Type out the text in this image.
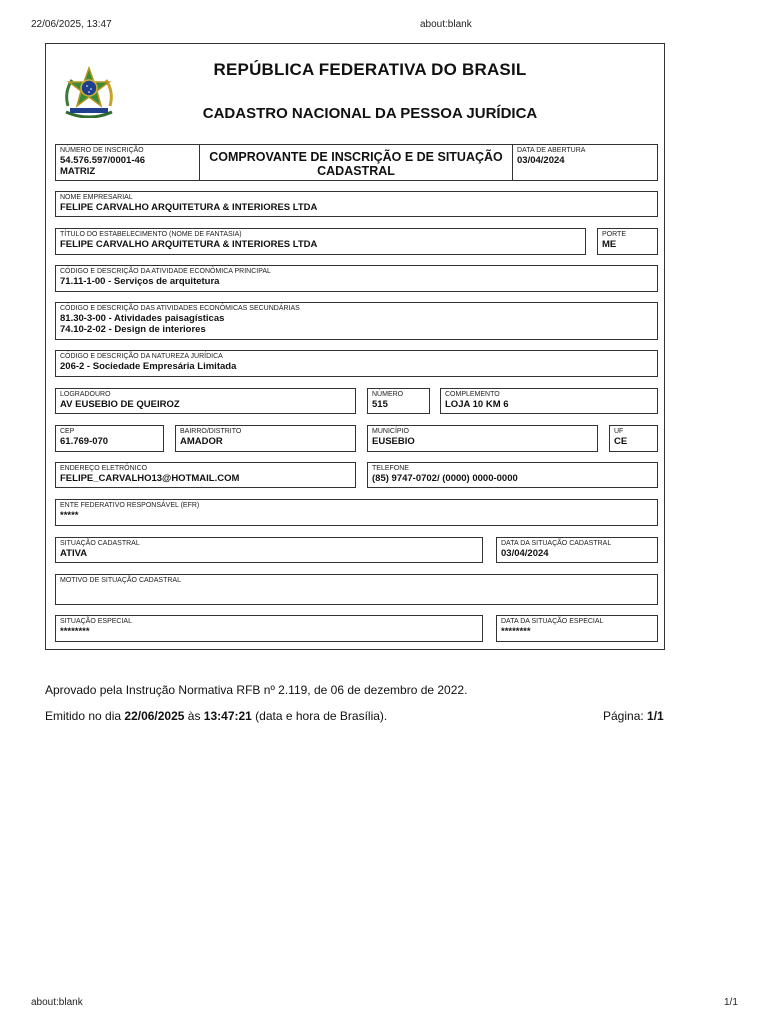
22/06/2025, 13:47	about:blank
REPÚBLICA FEDERATIVA DO BRASIL
CADASTRO NACIONAL DA PESSOA JURÍDICA
NÚMERO DE INSCRIÇÃO
54.576.597/0001-46
MATRIZ
COMPROVANTE DE INSCRIÇÃO E DE SITUAÇÃO
CADASTRAL
DATA DE ABERTURA
03/04/2024
NOME EMPRESARIAL
FELIPE CARVALHO ARQUITETURA & INTERIORES LTDA
TÍTULO DO ESTABELECIMENTO (NOME DE FANTASIA)
FELIPE CARVALHO ARQUITETURA & INTERIORES LTDA
PORTE
ME
CÓDIGO E DESCRIÇÃO DA ATIVIDADE ECONÔMICA PRINCIPAL
71.11-1-00 - Serviços de arquitetura
CÓDIGO E DESCRIÇÃO DAS ATIVIDADES ECONÔMICAS SECUNDÁRIAS
81.30-3-00 - Atividades paisagísticas
74.10-2-02 - Design de interiores
CÓDIGO E DESCRIÇÃO DA NATUREZA JURÍDICA
206-2 - Sociedade Empresária Limitada
LOGRADOURO
AV EUSEBIO DE QUEIROZ
NÚMERO
515
COMPLEMENTO
LOJA 10 KM 6
CEP
61.769-070
BAIRRO/DISTRITO
AMADOR
MUNICÍPIO
EUSEBIO
UF
CE
ENDEREÇO ELETRÔNICO
FELIPE_CARVALHO13@HOTMAIL.COM
TELEFONE
(85) 9747-0702/ (0000) 0000-0000
ENTE FEDERATIVO RESPONSÁVEL (EFR)
*****
SITUAÇÃO CADASTRAL
ATIVA
DATA DA SITUAÇÃO CADASTRAL
03/04/2024
MOTIVO DE SITUAÇÃO CADASTRAL
SITUAÇÃO ESPECIAL
********
DATA DA SITUAÇÃO ESPECIAL
********
Aprovado pela Instrução Normativa RFB nº 2.119, de 06 de dezembro de 2022.
Emitido no dia 22/06/2025 às 13:47:21 (data e hora de Brasília).	Página: 1/1
about:blank	1/1
